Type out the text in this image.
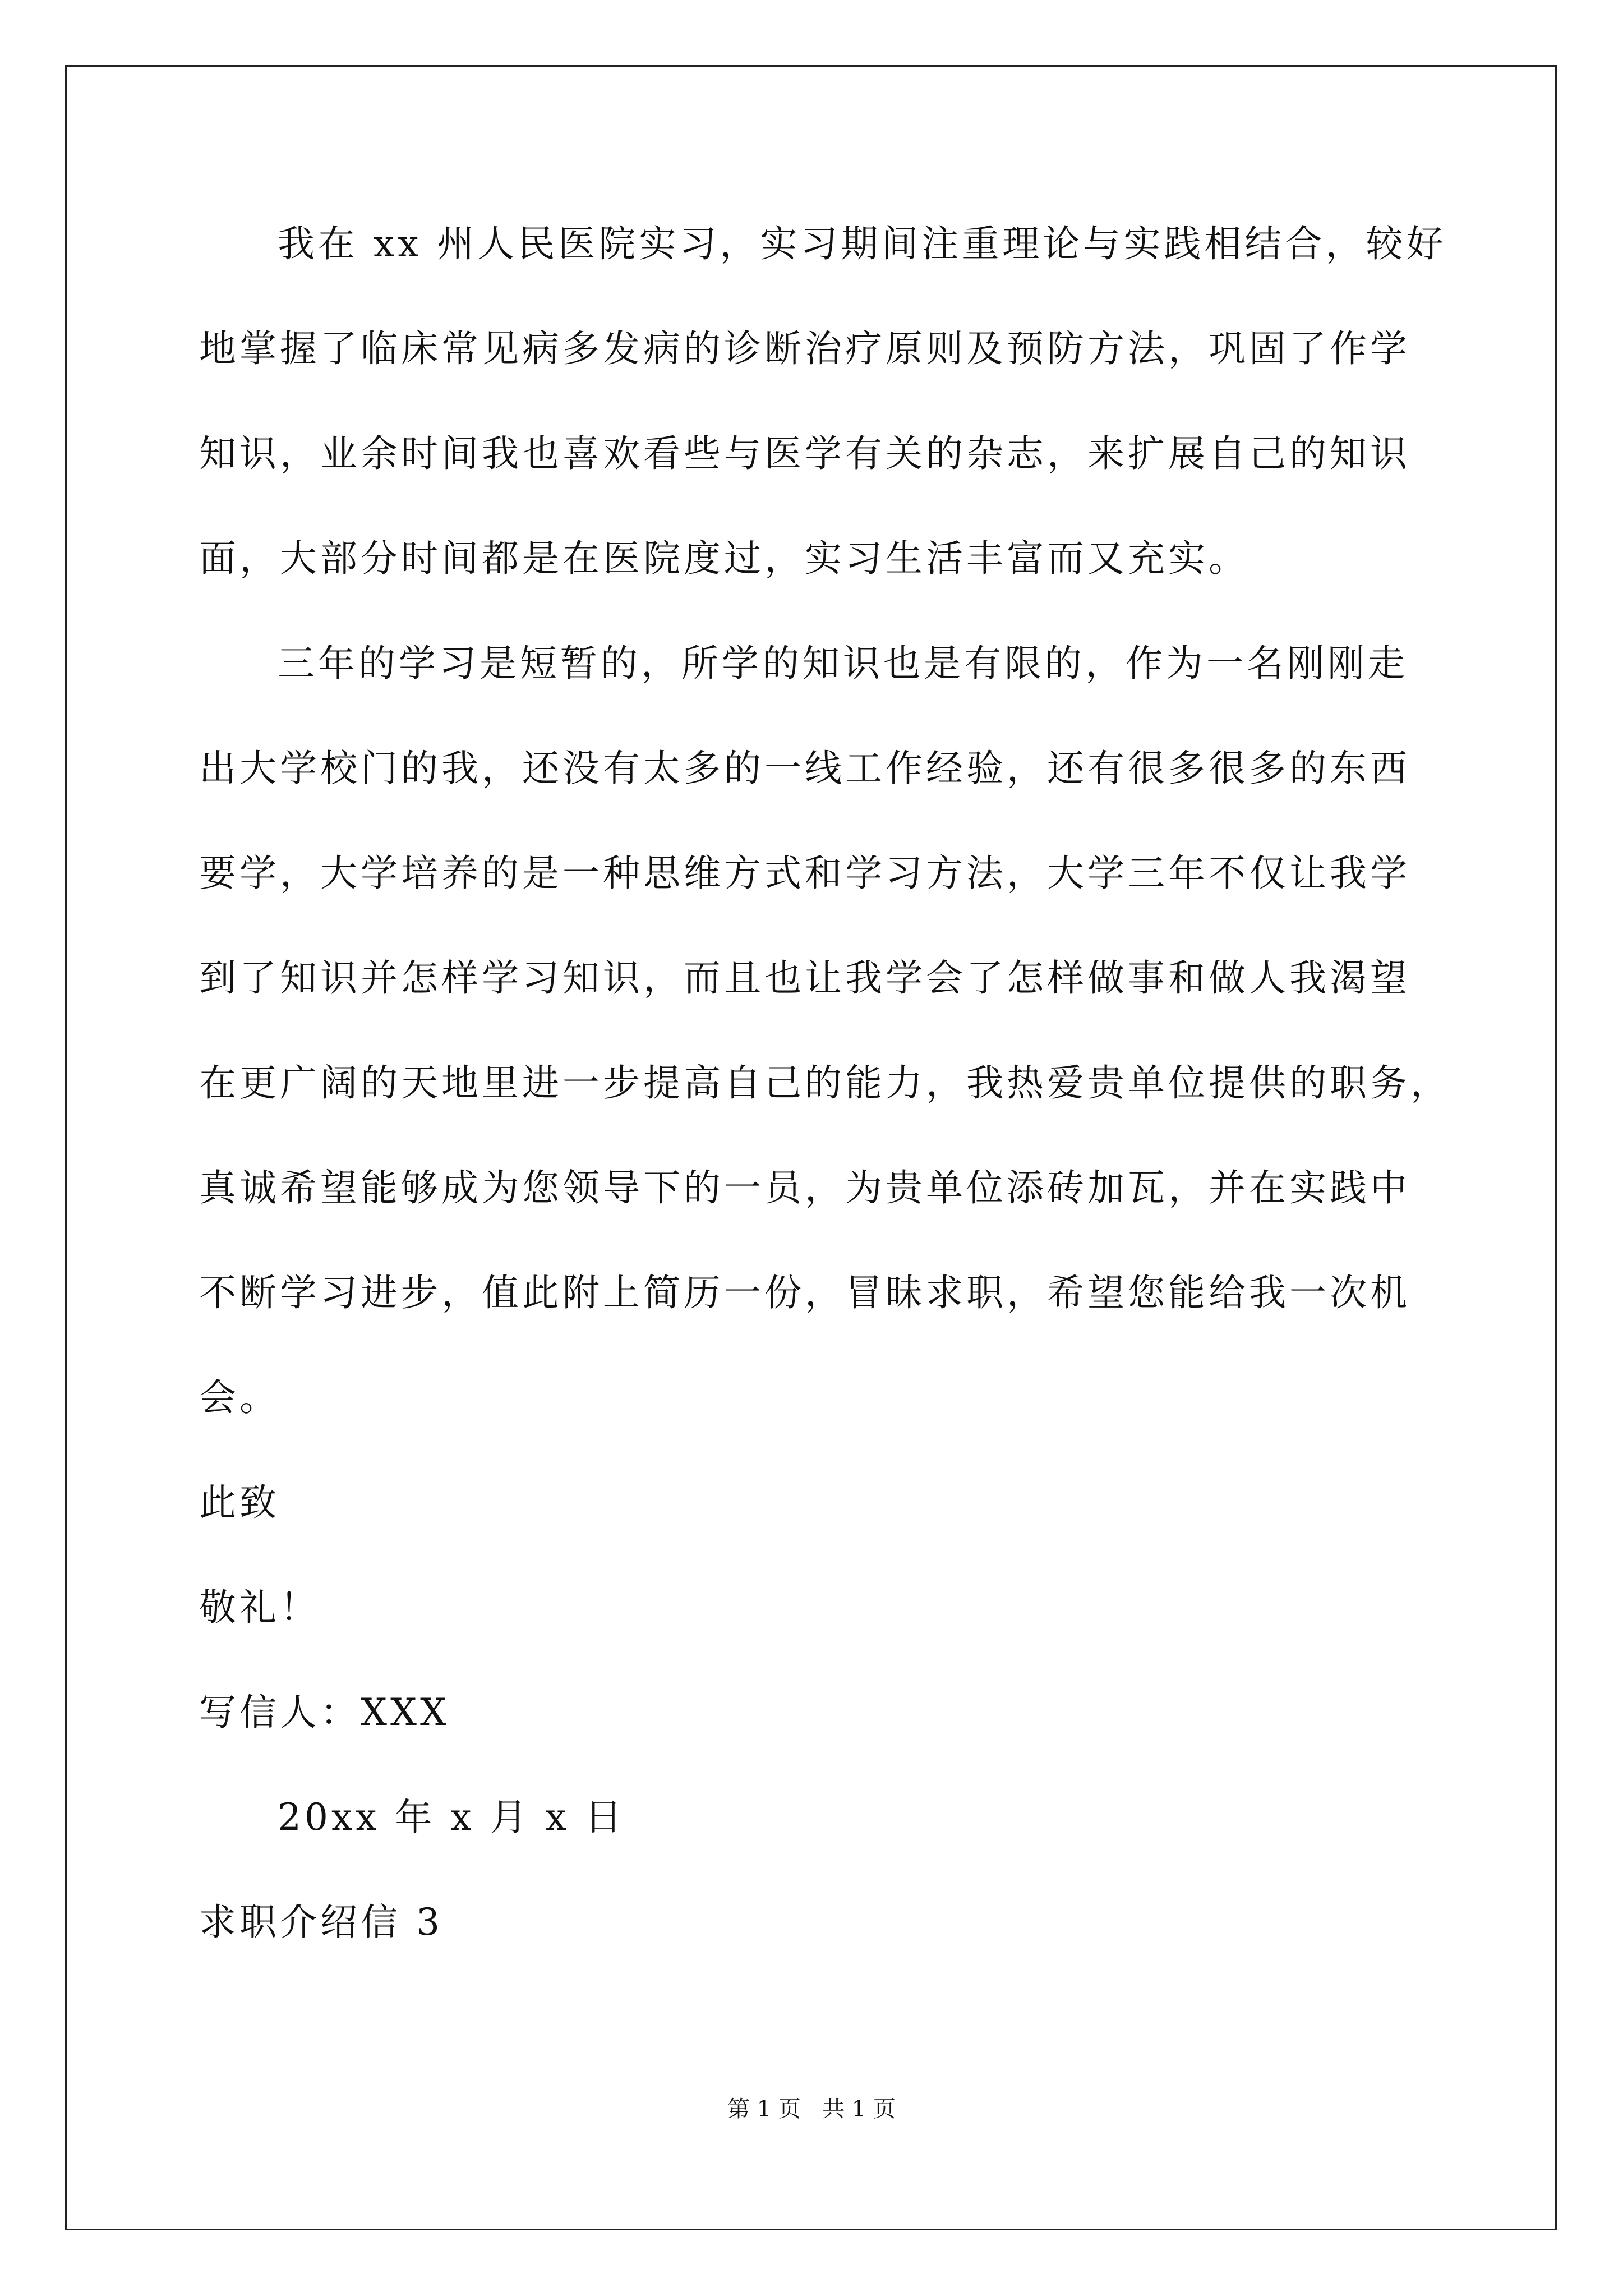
我在 xx 州人民医院实习，实习期间注重理论与实践相结合，较好
地掌握了临床常见病多发病的诊断治疗原则及预防方法，巩固了作学
知识，业余时间我也喜欢看些与医学有关的杂志，来扩展自己的知识
面，大部分时间都是在医院度过，实习生活丰富而又充实。
三年的学习是短暂的，所学的知识也是有限的，作为一名刚刚走
出大学校门的我，还没有太多的一线工作经验，还有很多很多的东西
要学，大学培养的是一种思维方式和学习方法，大学三年不仅让我学
到了知识并怎样学习知识，而且也让我学会了怎样做事和做人我渴望
在更广阔的天地里进一步提高自己的能力，我热爱贵单位提供的职务，
真诚希望能够成为您领导下的一员，为贵单位添砖加瓦，并在实践中
不断学习进步，值此附上简历一份，冒昧求职，希望您能给我一次机
会。
此致
敬礼！
写信人：XXX
20xx 年 x 月 x 日
求职介绍信 3
第 1 页   共 1 页
